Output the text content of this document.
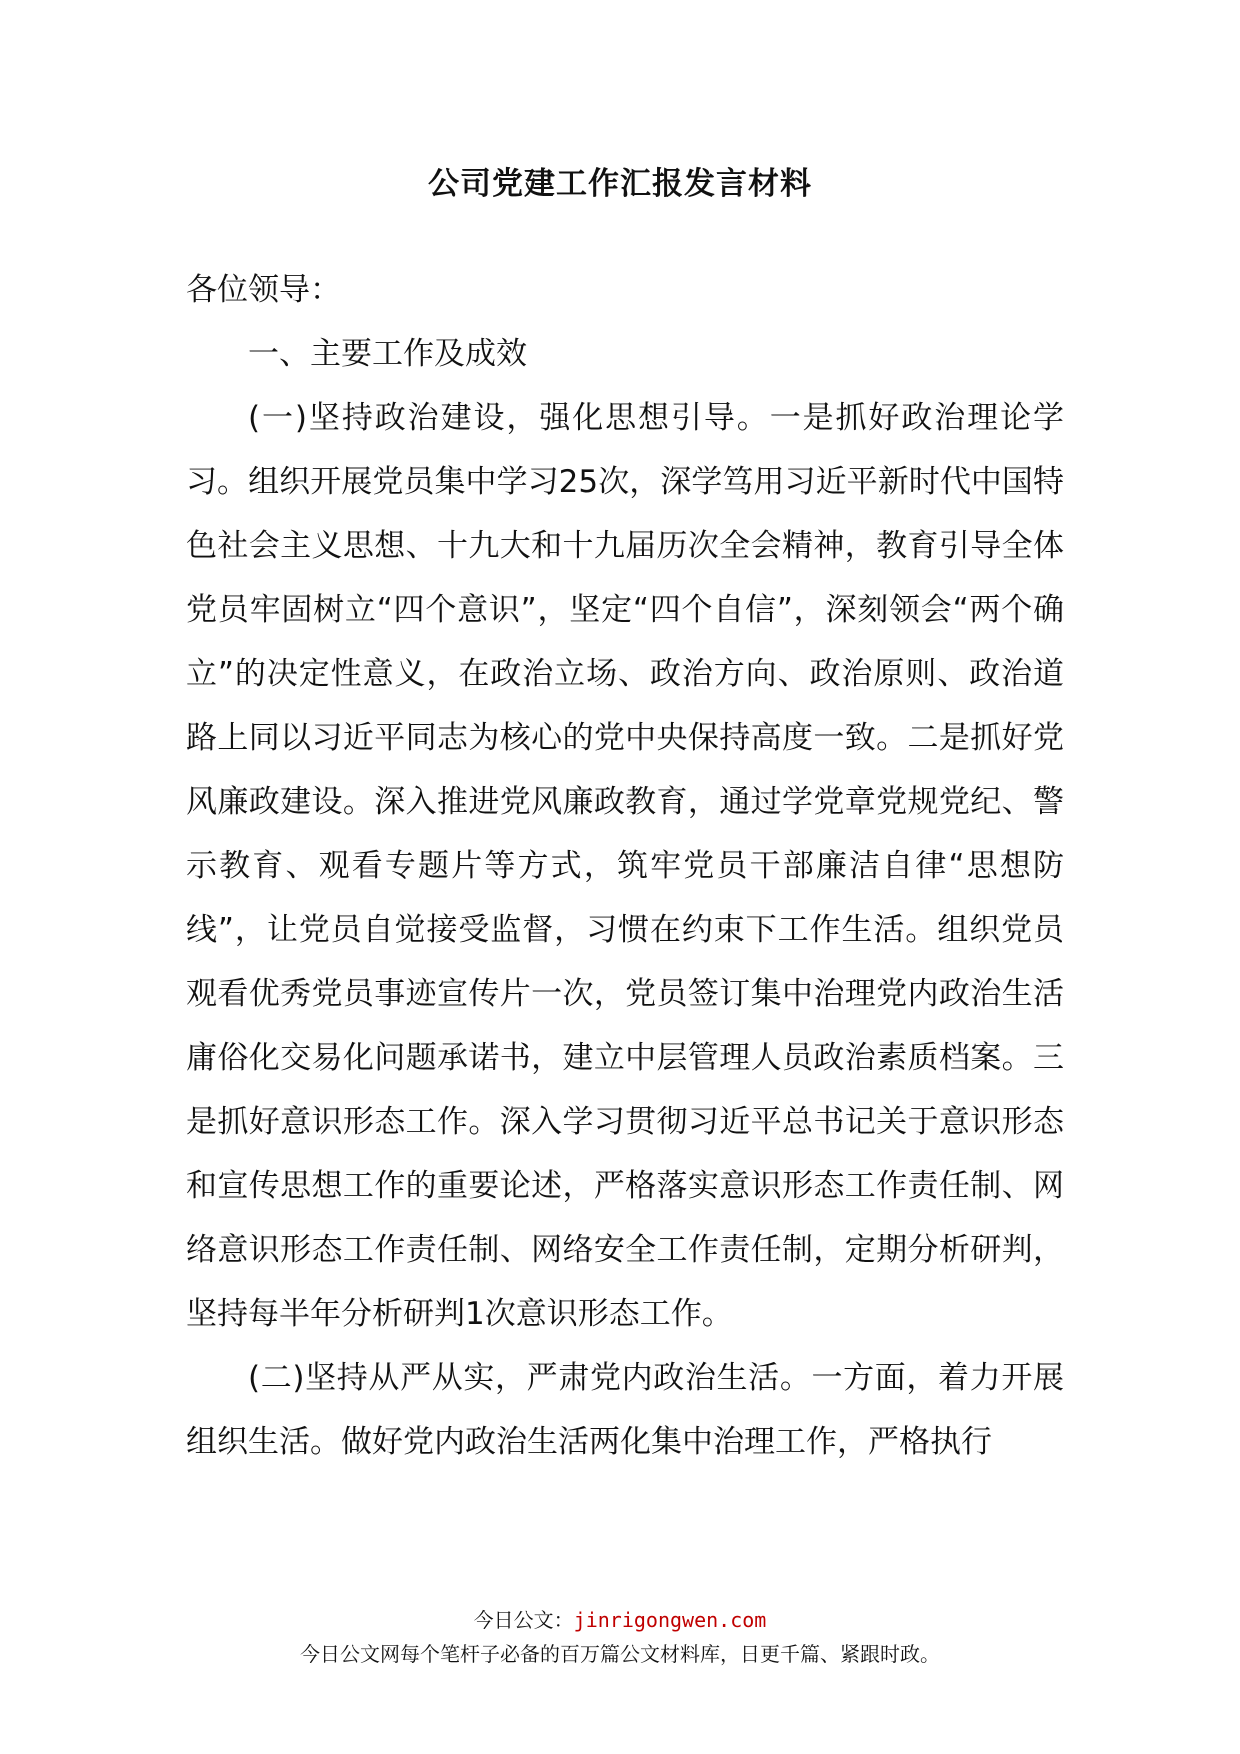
公司党建工作汇报发言材料

各位领导：

一、主要工作及成效

(一)坚持政治建设，强化思想引导。一是抓好政治理论学习。组织开展党员集中学习25次，深学笃用习近平新时代中国特色社会主义思想、十九大和十九届历次全会精神，教育引导全体党员牢固树立“四个意识”，坚定“四个自信”，深刻领会“两个确立”的决定性意义，在政治立场、政治方向、政治原则、政治道路上同以习近平同志为核心的党中央保持高度一致。二是抓好党风廉政建设。深入推进党风廉政教育，通过学党章党规党纪、警示教育、观看专题片等方式，筑牢党员干部廉洁自律“思想防线”，让党员自觉接受监督，习惯在约束下工作生活。组织党员观看优秀党员事迹宣传片一次，党员签订集中治理党内政治生活庸俗化交易化问题承诺书，建立中层管理人员政治素质档案。三是抓好意识形态工作。深入学习贯彻习近平总书记关于意识形态和宣传思想工作的重要论述，严格落实意识形态工作责任制、网络意识形态工作责任制、网络安全工作责任制，定期分析研判，坚持每半年分析研判1次意识形态工作。

(二)坚持从严从实，严肃党内政治生活。一方面，着力开展组织生活。做好党内政治生活两化集中治理工作，严格执行

今日公文：jinrigongwen.com
今日公文网每个笔杆子必备的百万篇公文材料库，日更千篇、紧跟时政。
